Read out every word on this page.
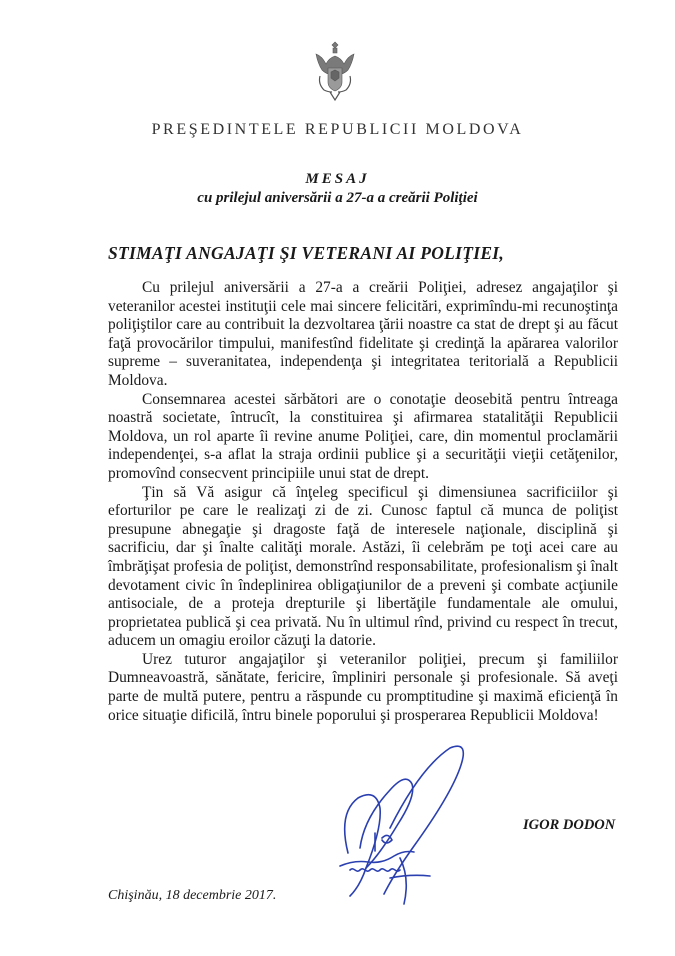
PREŞEDINTELE REPUBLICII MOLDOVA
MESAJ
cu prilejul aniversării a 27-a a creării Poliţiei
STIMAŢI ANGAJAŢI ŞI VETERANI AI POLIŢIEI,

Cu prilejul aniversării a 27-a a creării Poliţiei, adresez angajaţilor şi veteranilor acestei instituţii cele mai sincere felicitări, exprimîndu-mi recunoştinţa poliţiştilor care au contribuit la dezvoltarea ţării noastre ca stat de drept şi au făcut faţă provocărilor timpului, manifestînd fidelitate şi credinţă la apărarea valorilor supreme – suveranitatea, independenţa şi integritatea teritorială a Republicii Moldova.

Consemnarea acestei sărbători are o conotaţie deosebită pentru întreaga noastră societate, întrucît, la constituirea şi afirmarea statalităţii Republicii Moldova, un rol aparte îi revine anume Poliţiei, care, din momentul proclamării independenţei, s-a aflat la straja ordinii publice şi a securităţii vieţii cetăţenilor, promovînd consecvent principiile unui stat de drept.

Ţin să Vă asigur că înţeleg specificul şi dimensiunea sacrificiilor şi eforturilor pe care le realizaţi zi de zi. Cunosc faptul că munca de poliţist presupune abnegaţie şi dragoste faţă de interesele naţionale, disciplină şi sacrificiu, dar şi înalte calităţi morale. Astăzi, îi celebrăm pe toţi acei care au îmbrăţişat profesia de poliţist, demonstrînd responsabilitate, profesionalism şi înalt devotament civic în îndeplinirea obligaţiunilor de a preveni şi combate acţiunile antisociale, de a proteja drepturile şi libertăţile fundamentale ale omului, proprietatea publică şi cea privată. Nu în ultimul rînd, privind cu respect în trecut, aducem un omagiu eroilor căzuţi la datorie.

Urez tuturor angajaţilor şi veteranilor poliţiei, precum şi familiilor Dumneavoastră, sănătate, fericire, împliniri personale şi profesionale. Să aveţi parte de multă putere, pentru a răspunde cu promptitudine şi maximă eficienţă în orice situaţie dificilă, întru binele poporului şi prosperarea Republicii Moldova!

IGOR DODON
Chişinău, 18 decembrie 2017.
